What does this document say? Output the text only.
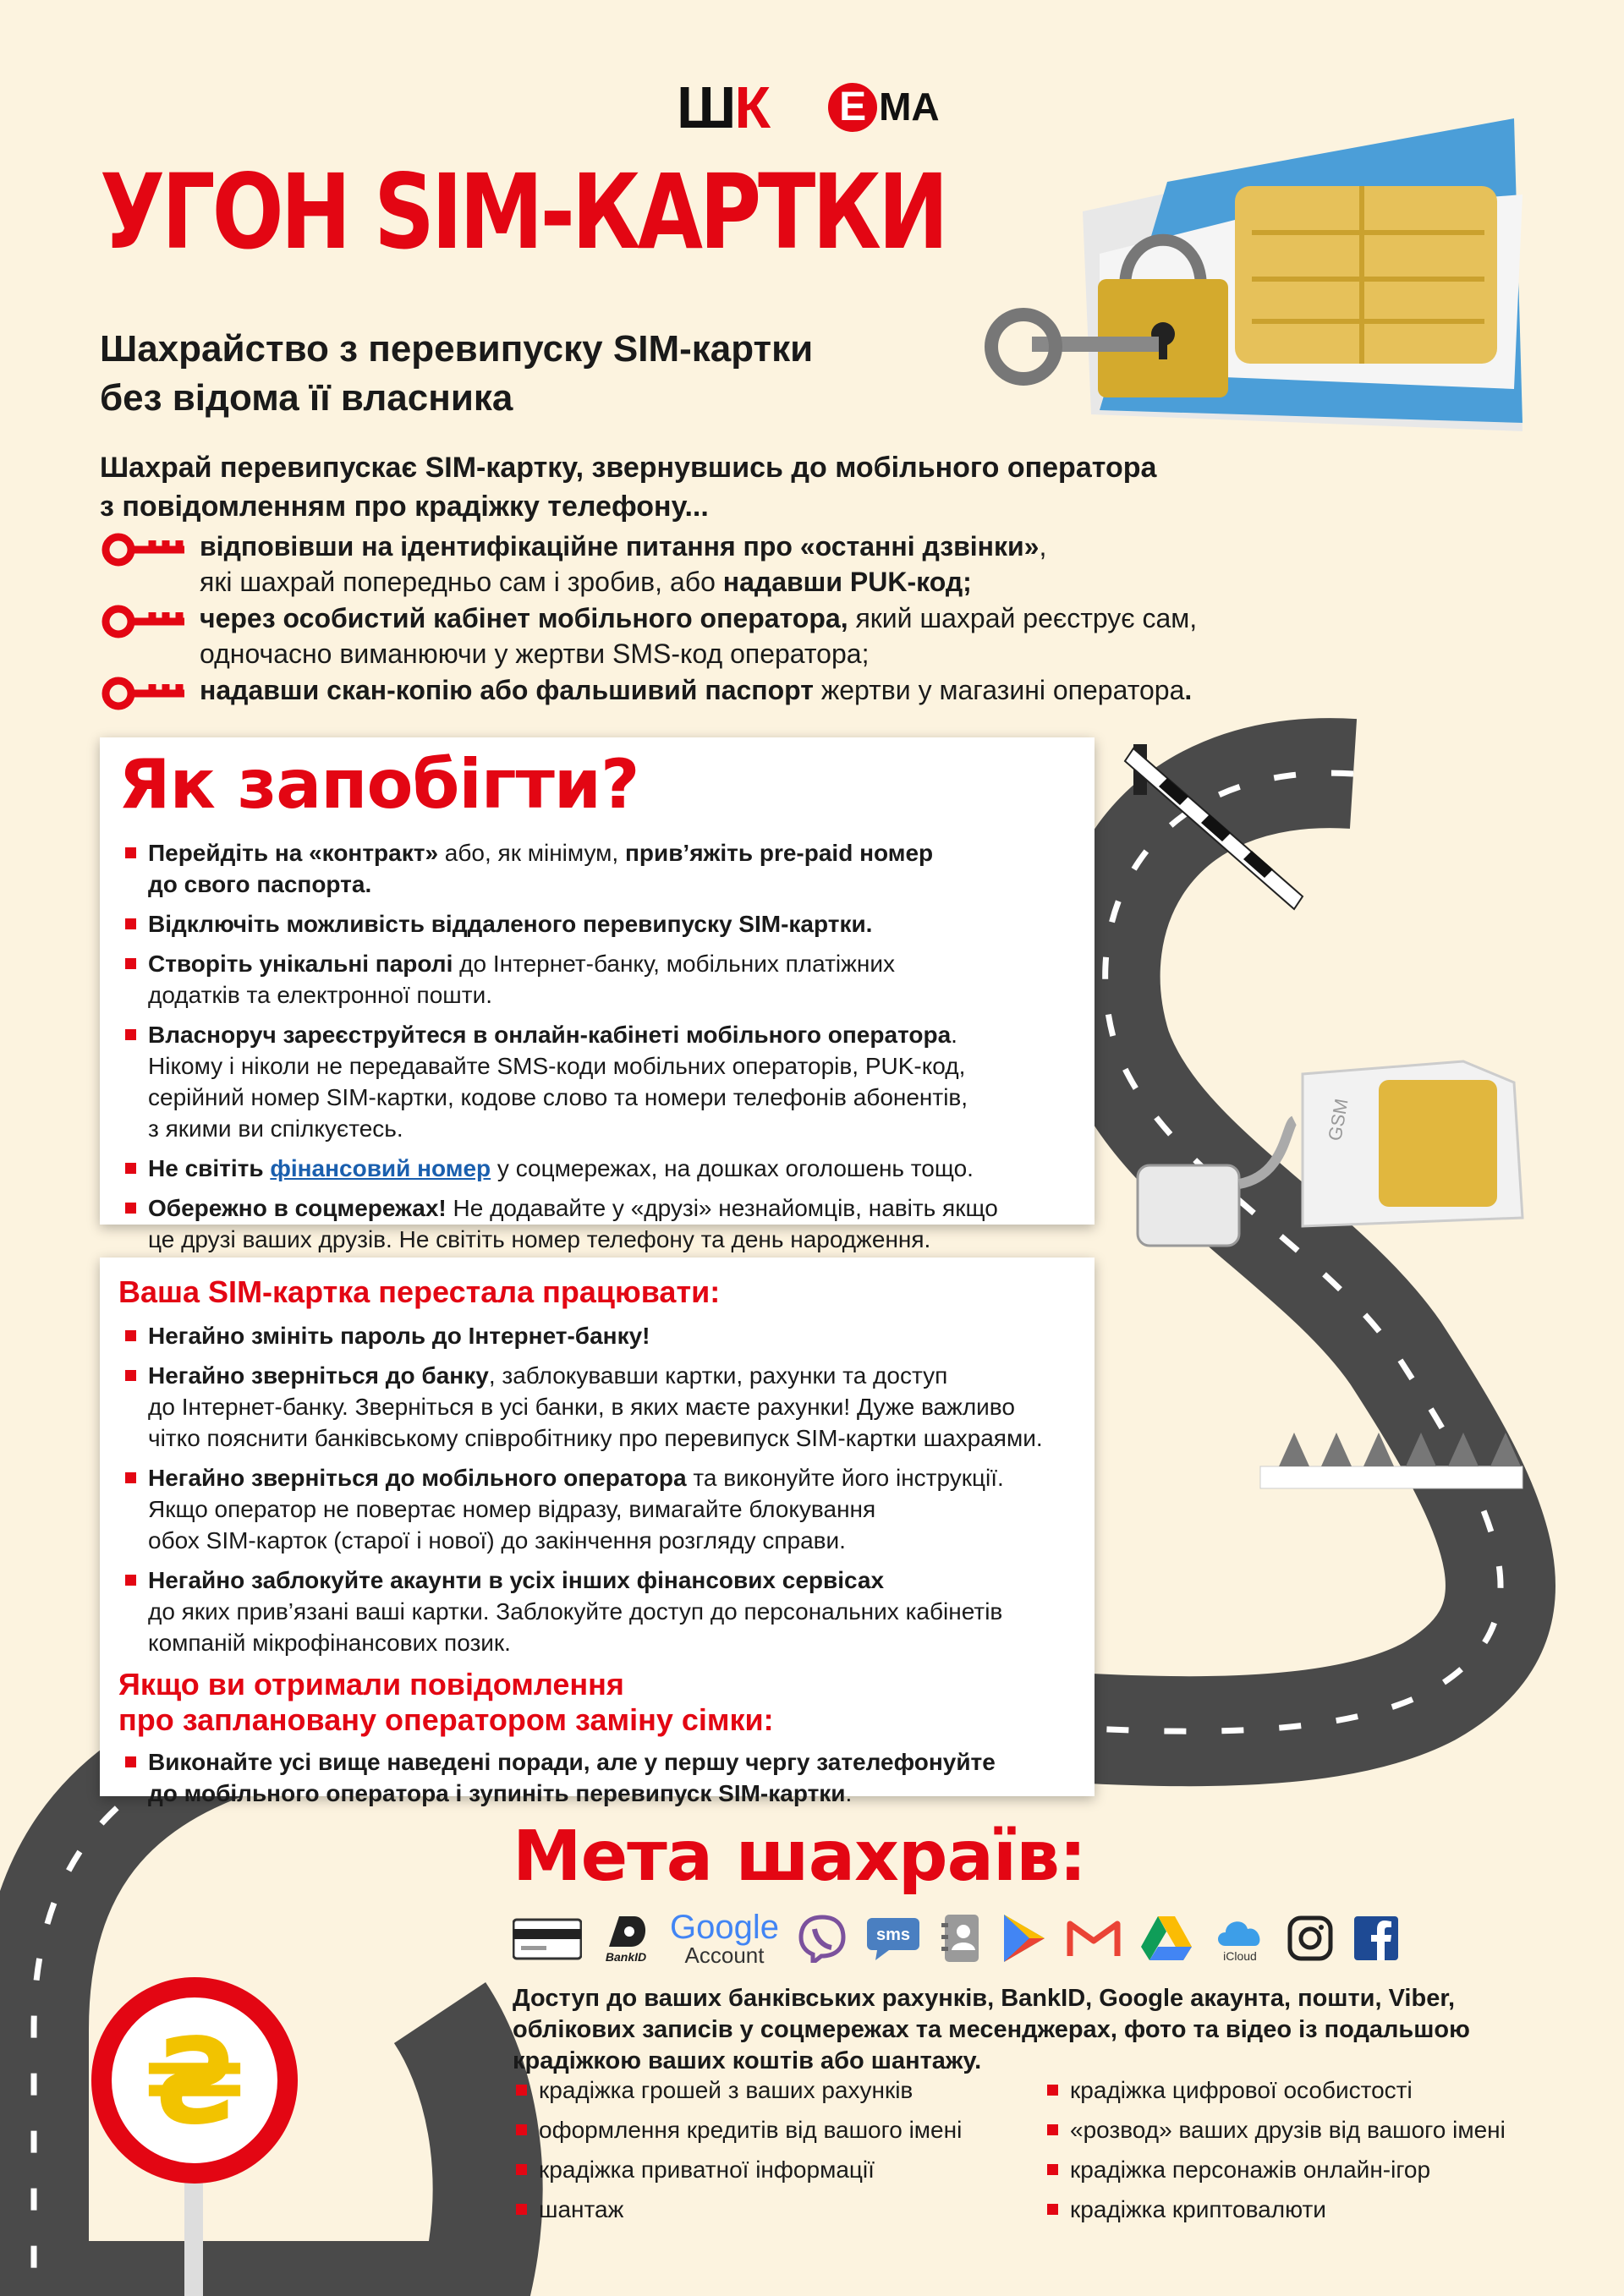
GSM
₴
ШК Е МА
УГОН SIM-КАРТКИ
Шахрайство з перевипуску SIM-картки
без відома її власника
Шахрай перевипускає SIM-картку, звернувшись до мобільного оператора
з повідомленням про крадіжку телефону...
відповівши на ідентифікаційне питання про «останні дзвінки»,
які шахрай попередньо сам і зробив, або надавши PUK-код;
через особистий кабінет мобільного оператора, який шахрай реєструє сам,
одночасно виманюючи у жертви SMS-код оператора;
надавши скан-копію або фальшивий паспорт жертви у магазині оператора.
Як запобігти?
Перейдіть на «контракт» або, як мінімум, прив’яжіть pre-paid номер
до свого паспорта.
Відключіть можливість віддаленого перевипуску SIM-картки.
Створіть унікальні паролі до Інтернет-банку, мобільних платіжних
додатків та електронної пошти.
Власноруч зареєструйтеся в онлайн-кабінеті мобільного оператора.
Нікому і ніколи не передавайте SMS-коди мобільних операторів, PUK-код,
серійний номер SIM-картки, кодове слово та номери телефонів абонентів,
з якими ви спілкуєтесь.
Не світіть фінансовий номер у соцмережах, на дошках оголошень тощо.
Обережно в соцмережах! Не додавайте у «друзі» незнайомців, навіть якщо
це друзі ваших друзів. Не світіть номер телефону та день народження.
Ваша SIM-картка перестала працювати:
Негайно змініть пароль до Інтернет-банку!
Негайно зверніться до банку, заблокувавши картки, рахунки та доступ
до Інтернет-банку. Зверніться в усі банки, в яких маєте рахунки! Дуже важливо
чітко пояснити банківському співробітнику про перевипуск SIM-картки шахраями.
Негайно зверніться до мобільного оператора та виконуйте його інструкції.
Якщо оператор не повертає номер відразу, вимагайте блокування
обох SIM-карток (старої і нової) до закінчення розгляду справи.
Негайно заблокуйте акаунти в усіх інших фінансових сервісах
до яких прив’язані ваші картки. Заблокуйте доступ до персональних кабінетів
компаній мікрофінансових позик.
Якщо ви отримали повідомлення
про заплановану оператором заміну сімки:
Виконайте усі вище наведені поради, але у першу чергу зателефонуйте
до мобільного оператора і зупиніть перевипуск SIM-картки.
Мета шахраїв:
BankID
Google
Account
sms
iCloud
Доступ до ваших банківських рахунків, BankID, Google акаунта, пошти, Viber,
облікових записів у соцмережах та месенджерах, фото та відео із подальшою
крадіжкою ваших коштів або шантажу.
крадіжка грошей з ваших рахунків
оформлення кредитів від вашого імені
крадіжка приватної інформації
шантаж
крадіжка цифрової особистості
«розвод» ваших друзів від вашого імені
крадіжка персонажів онлайн-ігор
крадіжка криптовалюти
